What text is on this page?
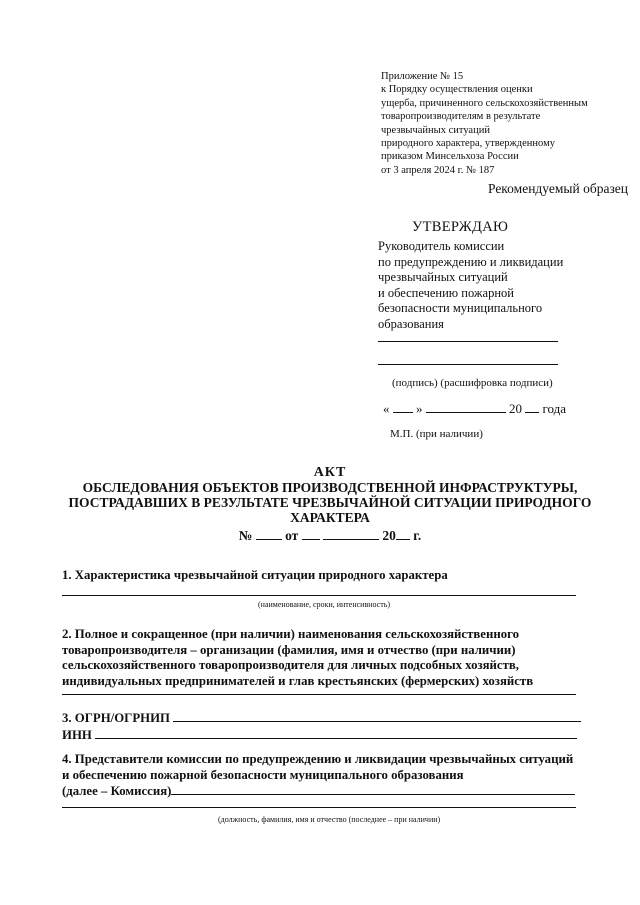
Приложение № 15
к Порядку осуществления оценки
ущерба, причиненного сельскохозяйственным
товаропроизводителям в результате
чрезвычайных ситуаций
природного характера, утвержденному
приказом Минсельхоза России
от 3 апреля 2024 г. № 187
Рекомендуемый образец
УТВЕРЖДАЮ
Руководитель комиссии
по предупреждению и ликвидации
чрезвычайных ситуаций
и обеспечению пожарной
безопасности муниципального
образования
(подпись) (расшифровка подписи)
« »	20 года
М.П. (при наличии)
АКТ
ОБСЛЕДОВАНИЯ ОБЪЕКТОВ ПРОИЗВОДСТВЕННОЙ ИНФРАСТРУКТУРЫ,
ПОСТРАДАВШИХ В РЕЗУЛЬТАТЕ ЧРЕЗВЫЧАЙНОЙ СИТУАЦИИ ПРИРОДНОГО
ХАРАКТЕРА
№ от	20 г.
1. Характеристика чрезвычайной ситуации природного характера
(наименование, сроки, интенсивность)
2. Полное и сокращенное (при наличии) наименования сельскохозяйственного
товаропроизводителя – организации (фамилия, имя и отчество (при наличии)
сельскохозяйственного товаропроизводителя для личных подсобных хозяйств,
индивидуальных предпринимателей и глав крестьянских (фермерских) хозяйств
3. ОГРН/ОГРНИП
ИНН
4. Представители комиссии по предупреждению и ликвидации чрезвычайных ситуаций
и обеспечению пожарной безопасности муниципального образования
(далее – Комиссия)
(должность, фамилия, имя и отчество (последнее – при наличии)
